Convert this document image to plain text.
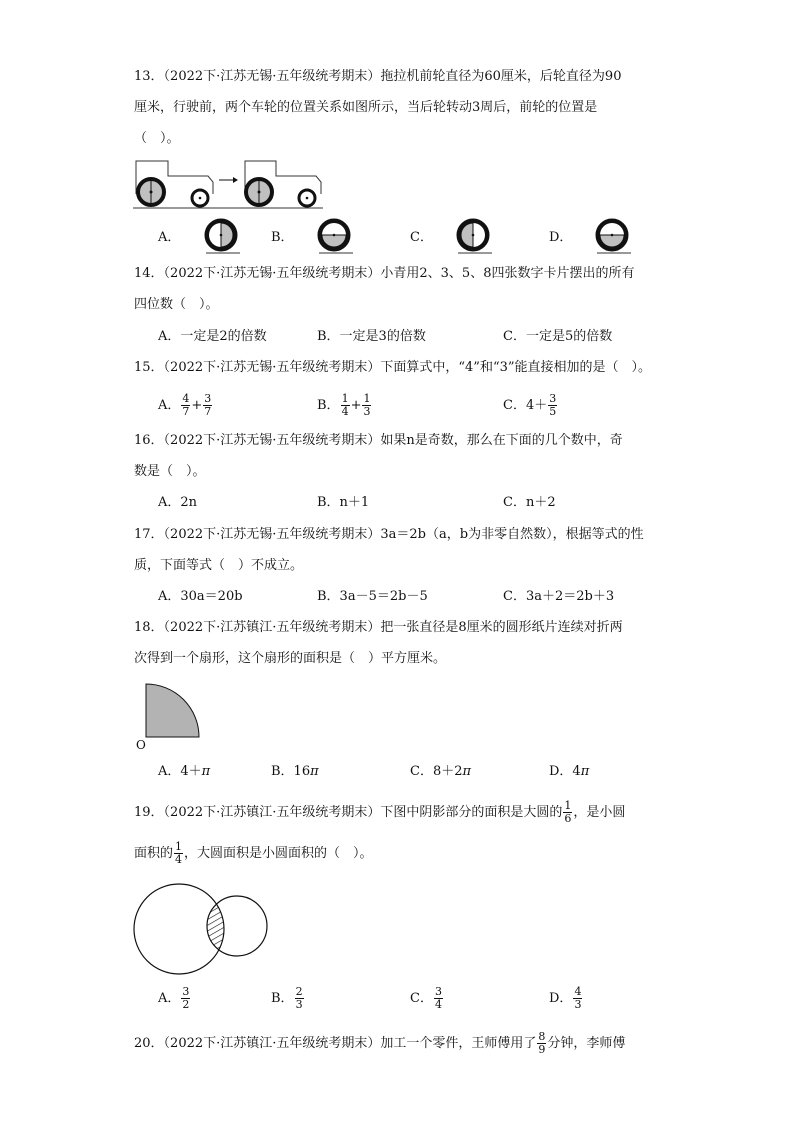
13．（2022下·江苏无锡·五年级统考期末）拖拉机前轮直径为60厘米，后轮直径为90
厘米，行驶前，两个车轮的位置关系如图所示，当后轮转动3周后，前轮的位置是
（　）。
A．	B．	C．	D．
14．（2022下·江苏无锡·五年级统考期末）小青用2、3、5、8四张数字卡片摆出的所有
四位数（　）。
A．一定是2的倍数	B．一定是3的倍数	C．一定是5的倍数
15．（2022下·江苏无锡·五年级统考期末）下面算式中，“4”和“3”能直接相加的是（　）。
A． $\frac{4}{7} + \frac{3}{7}$	B． $\frac{1}{4} + \frac{1}{3}$	C．$4+ \frac{3}{5}$
16．（2022下·江苏无锡·五年级统考期末）如果n是奇数，那么在下面的几个数中，奇
数是（　）。
A．2n	B．n＋1	C．n＋2
17．（2022下·江苏无锡·五年级统考期末）3a＝2b（a，b为非零自然数），根据等式的性
质，下面等式（　）不成立。
A．30a＝20b	B．3a－5＝2b－5	C．3a＋2＝2b＋3
18．（2022下·江苏镇江·五年级统考期末）把一张直径是8厘米的圆形纸片连续对折两
次得到一个扇形，这个扇形的面积是（　）平方厘米。
O
A．4＋π	B．16π	C．8＋2π	D．4π
19．（2022下·江苏镇江·五年级统考期末）下图中阴影部分的面积是大圆的 $\frac{1}{6}$ ，是小圆
面积的 $\frac{1}{4}$ ，大圆面积是小圆面积的（　）。
A． $\frac{3}{2}$	B． $\frac{2}{3}$	C． $\frac{3}{4}$	D． $\frac{4}{3}$
20．（2022下·江苏镇江·五年级统考期末）加工一个零件，王师傅用了 $\frac{8}{9}$ 分钟，李师傅
